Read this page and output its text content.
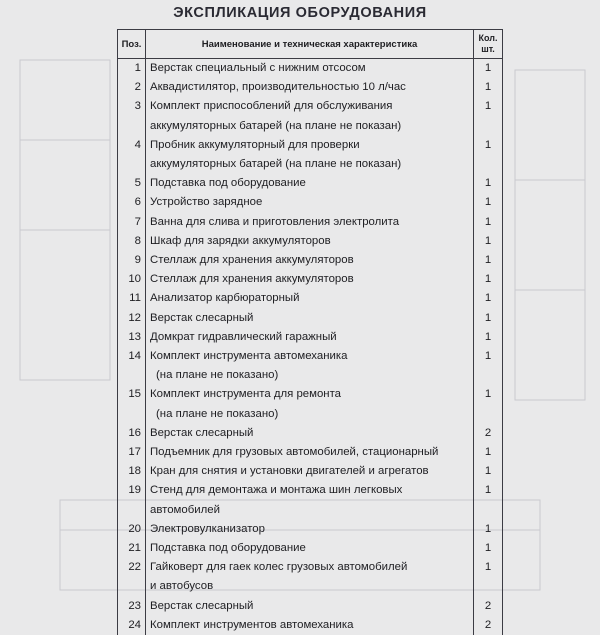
ЭКСПЛИКАЦИЯ ОБОРУДОВАНИЯ
Поз.	Наименование и техническая характеристика	Кол.
шт.
1	Верстак специальный с нижним отсосом	1
2	Аквадистилятор, производительностью 10 л/час	1
3	Комплект приспособлений для обслуживания
аккумуляторных батарей (на плане не показан)	1
4	Пробник аккумуляторный для проверки
аккумуляторных батарей (на плане не показан)	1
5	Подставка под оборудование	1
6	Устройство зарядное	1
7	Ванна для слива и приготовления электролита	1
8	Шкаф для зарядки аккумуляторов	1
9	Стеллаж для хранения аккумуляторов	1
10	Стеллаж для хранения аккумуляторов	1
11	Анализатор карбюраторный	1
12	Верстак слесарный	1
13	Домкрат гидравлический гаражный	1
14	Комплект инструмента автомеханика
(на плане не показано)	1
15	Комплект инструмента для ремонта
(на плане не показано)	1
16	Верстак слесарный	2
17	Подъемник для грузовых автомобилей, стационарный	1
18	Кран для снятия и установки двигателей и агрегатов	1
19	Стенд для демонтажа и монтажа шин легковых
автомобилей	1
20	Электровулканизатор	1
21	Подставка под оборудование	1
22	Гайковерт для гаек колес грузовых автомобилей
и автобусов	1
23	Верстак слесарный	2
24	Комплект инструментов автомеханика	2
